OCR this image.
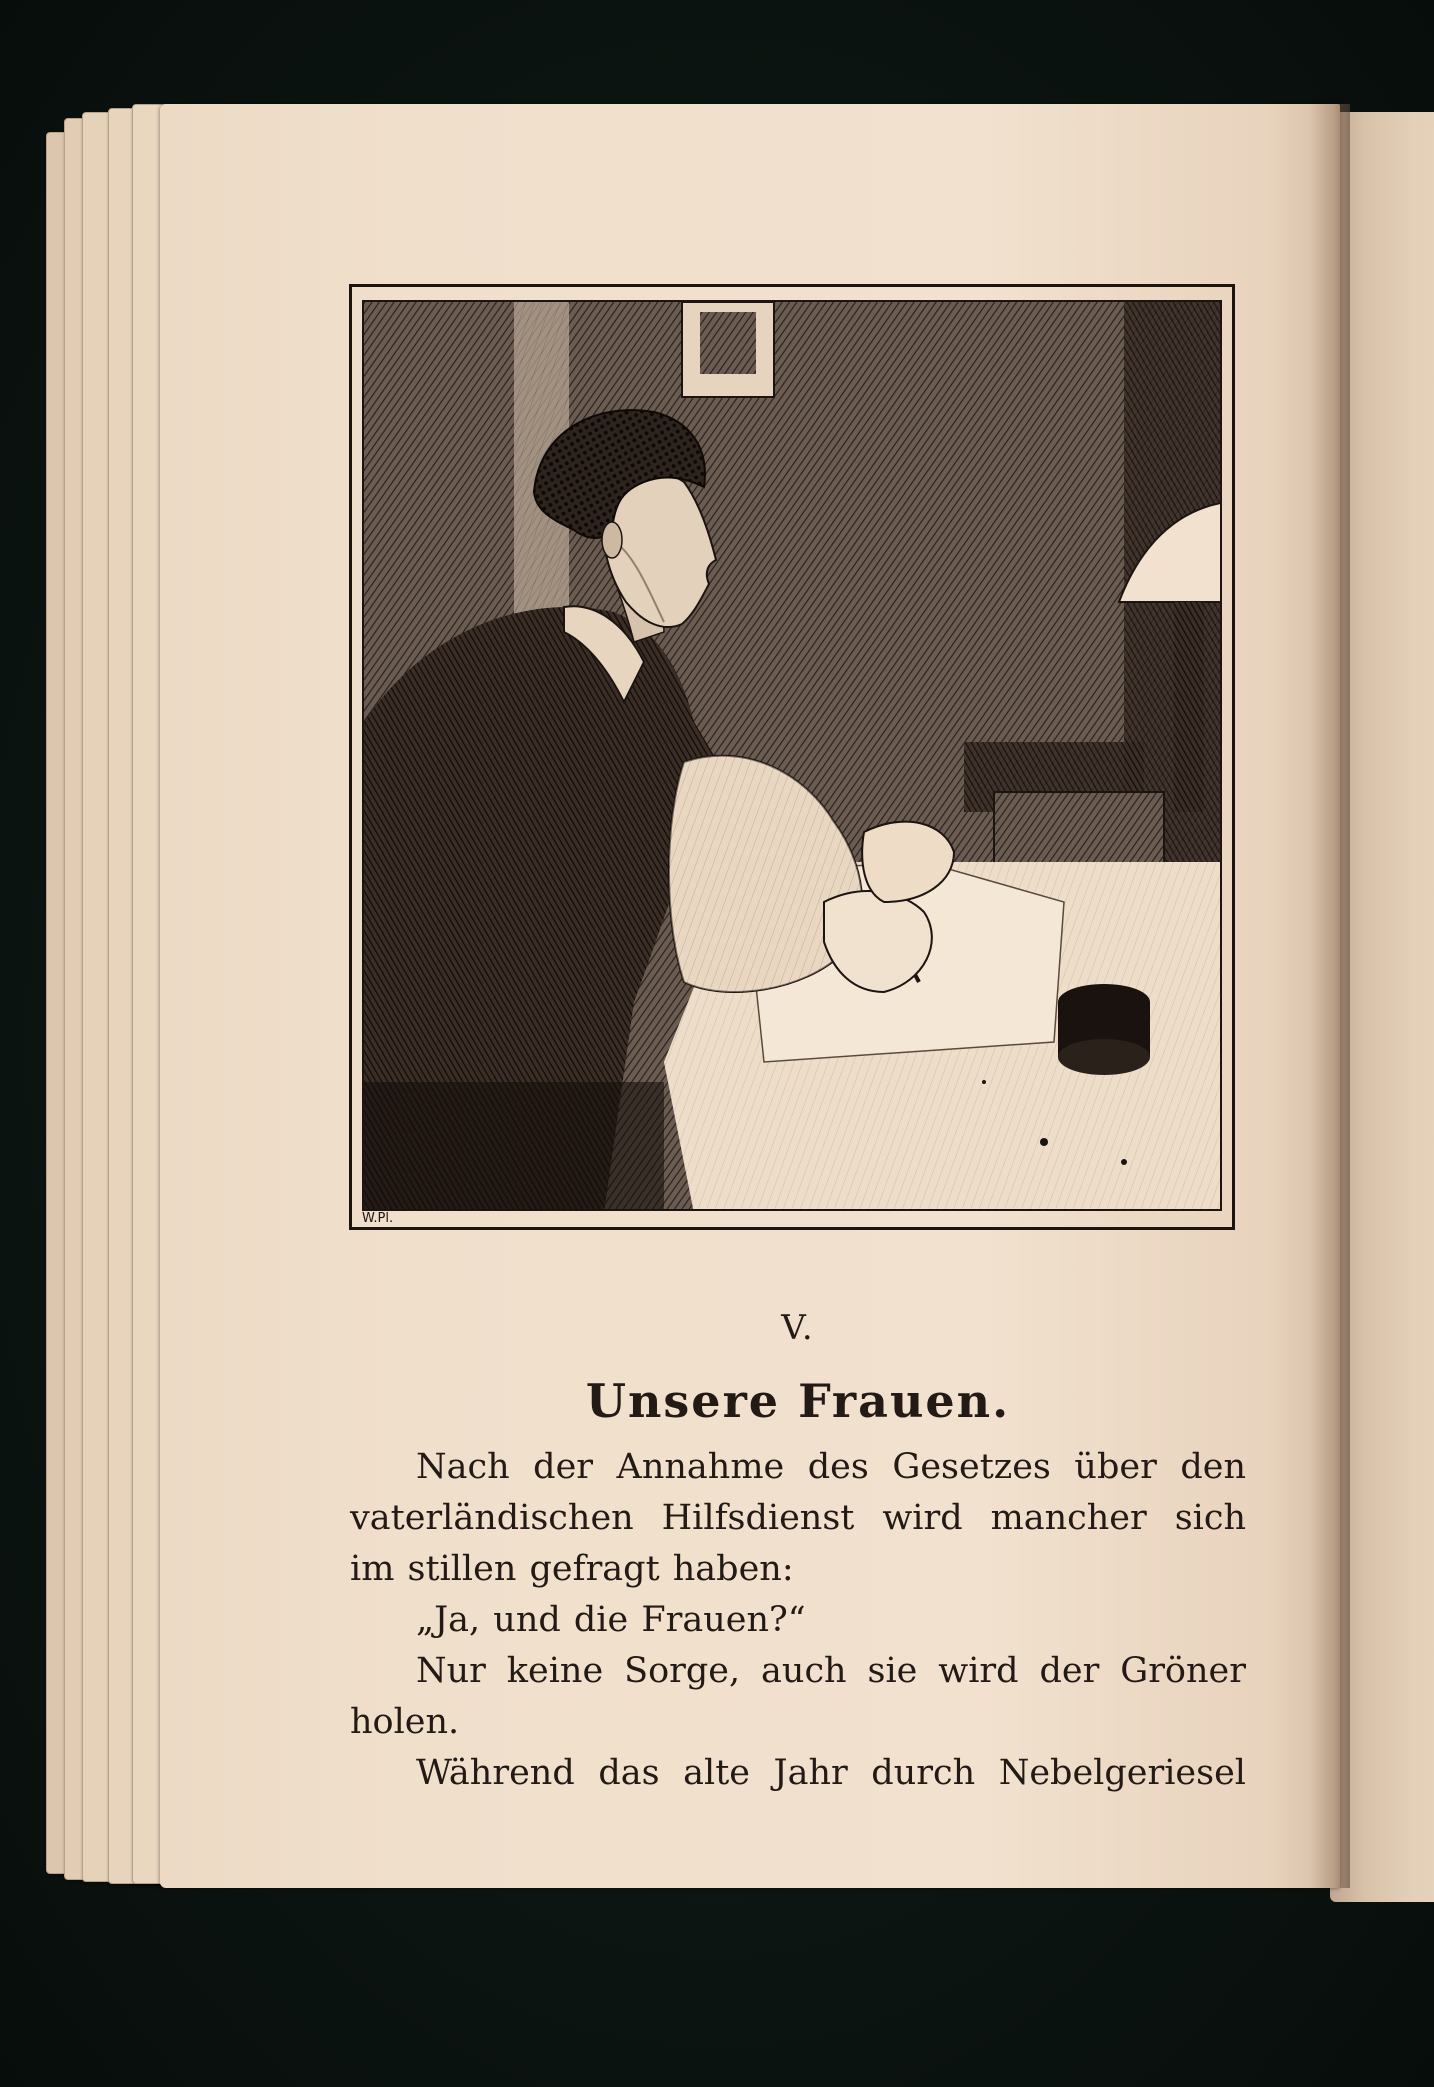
W.Pl.
V.
Unsere Frauen.

Nach der Annahme des Gesetzes über den
vaterländischen Hilfsdienst wird mancher sich
im stillen gefragt haben:
„Ja, und die Frauen?“
Nur keine Sorge, auch sie wird der Gröner
holen.
Während das alte Jahr durch Nebelgeriesel
